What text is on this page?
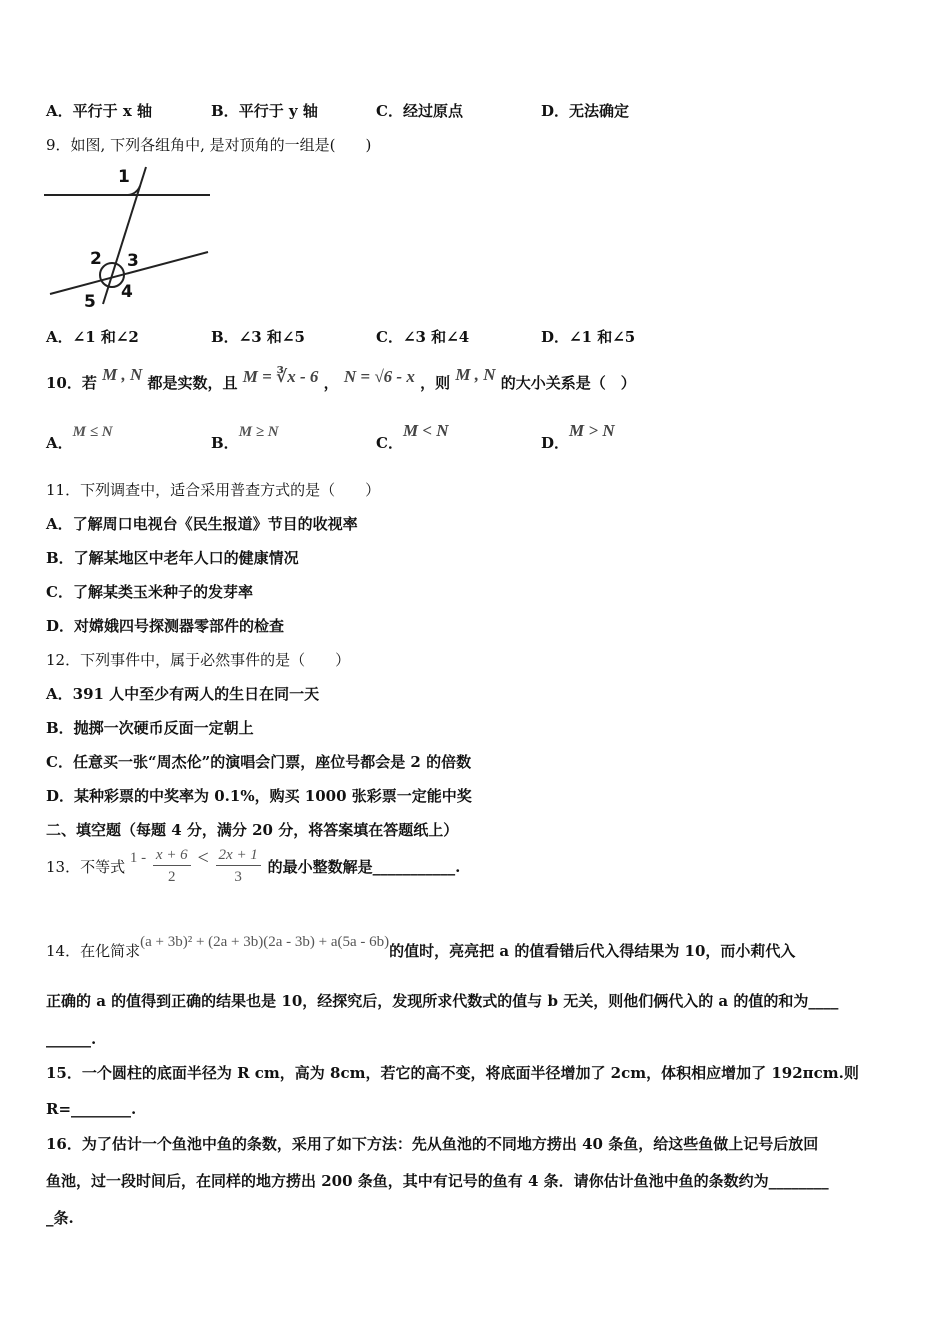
A．平行于 x 轴	B．平行于 y 轴	C．经过原点	D．无法确定
9．如图, 下列各组角中, 是对顶角的一组是(　　)
1
2 3
4
5
A．∠1 和∠2	B．∠3 和∠5	C．∠3 和∠4	D．∠1 和∠5
10．若 M , N 都是实数，且 M = ∛x - 6 ， N = √6 - x ，则 M , N 的大小关系是（　）
A．M ≤ N
B．M ≥ N
C．M < N
D．M > N
11．下列调查中，适合采用普查方式的是（　　）
A．了解周口电视台《民生报道》节目的收视率
B．了解某地区中老年人口的健康情况
C．了解某类玉米种子的发芽率
D．对嫦娥四号探测器零部件的检查
12．下列事件中，属于必然事件的是（　　）
A．391 人中至少有两人的生日在同一天
B．抛掷一次硬币反面一定朝上
C．任意买一张“周杰伦”的演唱会门票，座位号都会是 2 的倍数
D．某种彩票的中奖率为 0.1%，购买 1000 张彩票一定能中奖
二、填空题（每题 4 分，满分 20 分，将答案填在答题纸上）
13．不等式 $1 - \frac{x + 6}{2} < \frac{2x + 1}{3}$ 的最小整数解是___________.
14．在化简求(a + 3b)² + (2a + 3b)(2a - 3b) + a(5a - 6b)的值时，亮亮把 a 的值看错后代入得结果为 10，而小莉代入
正确的 a 的值得到正确的结果也是 10，经探究后，发现所求代数式的值与 b 无关，则他们俩代入的 a 的值的和为____
______.
15．一个圆柱的底面半径为 R cm，高为 8cm，若它的高不变，将底面半径增加了 2cm，体积相应增加了 192πcm.则
R=________.
16．为了估计一个鱼池中鱼的条数，采用了如下方法：先从鱼池的不同地方捞出 40 条鱼，给这些鱼做上记号后放回
鱼池，过一段时间后，在同样的地方捞出 200 条鱼，其中有记号的鱼有 4 条．请你估计鱼池中鱼的条数约为________
_条.
